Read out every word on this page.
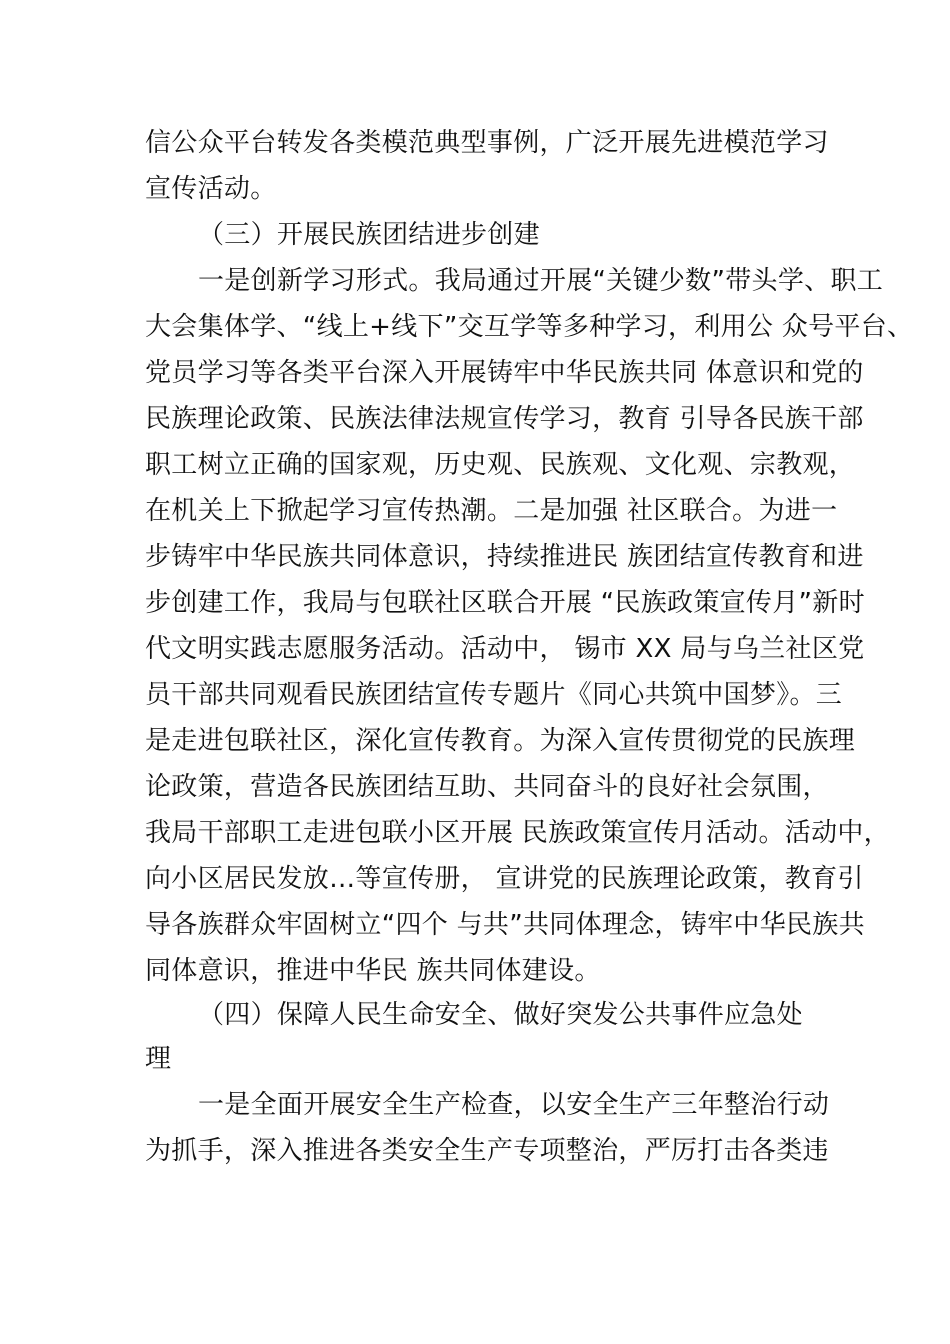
信公众平台转发各类模范典型事例，广泛开展先进模范学习
宣传活动。
（三）开展民族团结进步创建
一是创新学习形式。我局通过开展“关键少数”带头学、职工
大会集体学、“线上+线下”交互学等多种学习，利用公 众号平台、
党员学习等各类平台深入开展铸牢中华民族共同 体意识和党的
民族理论政策、民族法律法规宣传学习，教育 引导各民族干部
职工树立正确的国家观，历史观、民族观、文化观、宗教观，
在机关上下掀起学习宣传热潮。二是加强 社区联合。为进一
步铸牢中华民族共同体意识，持续推进民 族团结宣传教育和进
步创建工作，我局与包联社区联合开展 “民族政策宣传月”新时
代文明实践志愿服务活动。活动中， 锡市 XX 局与乌兰社区党
员干部共同观看民族团结宣传专题片《同心共筑中国梦》。三
是走进包联社区，深化宣传教育。为深入宣传贯彻党的民族理
论政策，营造各民族团结互助、共同奋斗的良好社会氛围，
我局干部职工走进包联小区开展 民族政策宣传月活动。活动中，
向小区居民发放…等宣传册， 宣讲党的民族理论政策，教育引
导各族群众牢固树立“四个 与共”共同体理念，铸牢中华民族共
同体意识，推进中华民 族共同体建设。
（四）保障人民生命安全、做好突发公共事件应急处
理
一是全面开展安全生产检查，以安全生产三年整治行动
为抓手，深入推进各类安全生产专项整治，严厉打击各类违
